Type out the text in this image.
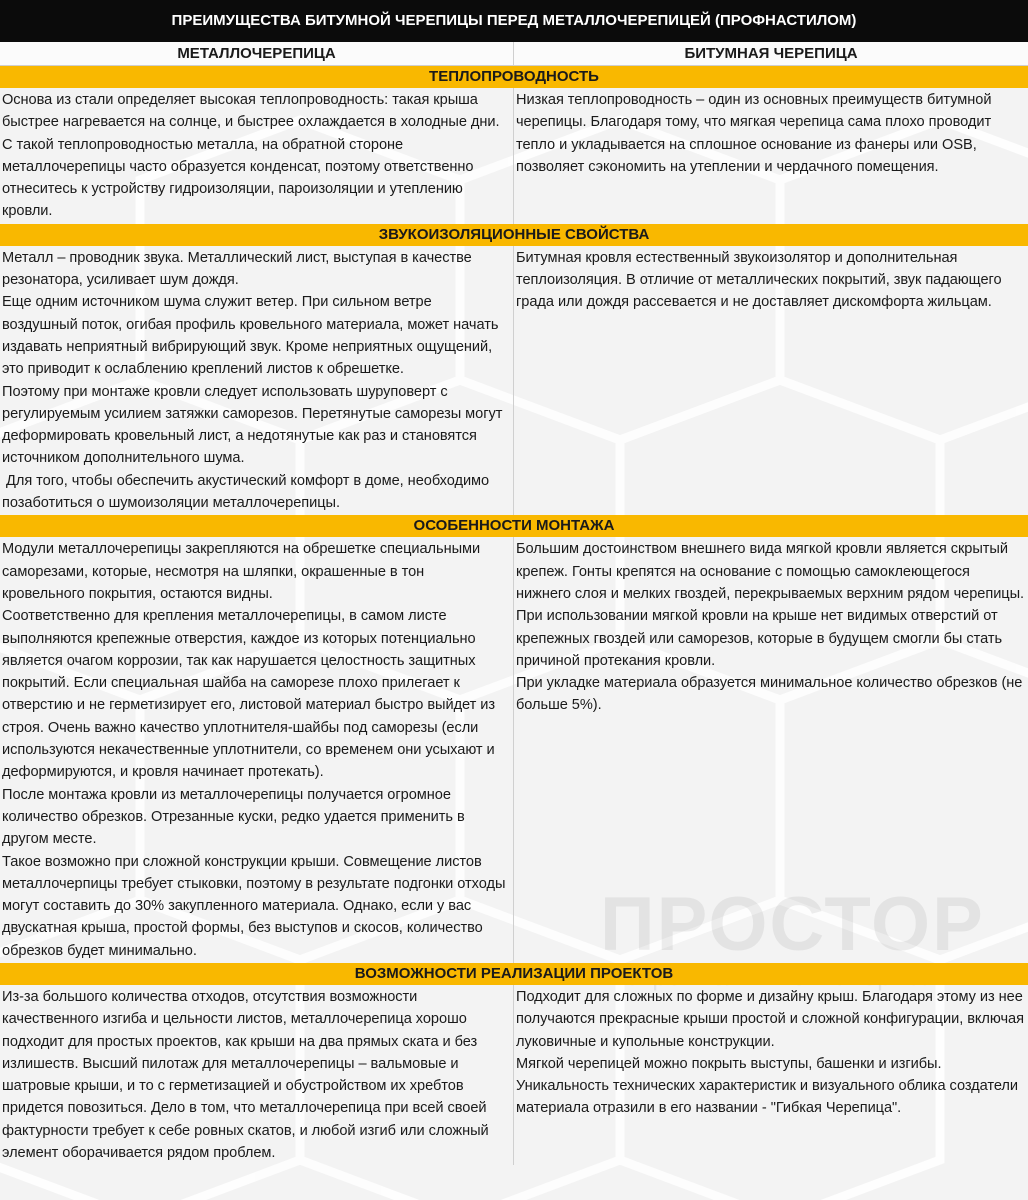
ПРОСТОР
ПРЕИМУЩЕСТВА БИТУМНОЙ ЧЕРЕПИЦЫ ПЕРЕД МЕТАЛЛОЧЕРЕПИЦЕЙ (ПРОФНАСТИЛОМ)
МЕТАЛЛОЧЕРЕПИЦА	БИТУМНАЯ ЧЕРЕПИЦА
ТЕПЛОПРОВОДНОСТЬ

Основа из стали определяет высокая теплопроводность: такая крыша быстрее нагревается на солнце, и быстрее охлаждается в холодные дни. С такой теплопроводностью металла, на обратной стороне металлочерепицы часто образуется конденсат, поэтому ответственно отнеситесь к устройству гидроизоляции, пароизоляции и утеплению кровли.

Низкая теплопроводность – один из основных преимуществ битумной черепицы. Благодаря тому, что мягкая черепица сама плохо проводит тепло и укладывается на сплошное основание из фанеры или OSB, позволяет сэкономить на утеплении и чердачного помещения.

ЗВУКОИЗОЛЯЦИОННЫЕ СВОЙСТВА

Металл – проводник звука. Металлический лист, выступая в качестве резонатора, усиливает шум дождя.

Еще одним источником шума служит ветер. При сильном ветре воздушный поток, огибая профиль кровельного материала, может начать издавать неприятный вибрирующий звук. Кроме неприятных ощущений, это приводит к ослаблению креплений листов к обрешетке.

Поэтому при монтаже кровли следует использовать шуруповерт с регулируемым усилием затяжки саморезов. Перетянутые саморезы могут деформировать кровельный лист, а недотянутые как раз и становятся источником дополнительного шума.

Для того, чтобы обеспечить акустический комфорт в доме, необходимо позаботиться о шумоизоляции металлочерепицы.

Битумная кровля естественный звукоизолятор и дополнительная теплоизоляция. В отличие от металлических покрытий, звук падающего града или дождя рассевается и не доставляет дискомфорта жильцам.

ОСОБЕННОСТИ МОНТАЖА

Модули металлочерепицы закрепляются на обрешетке специальными саморезами, которые, несмотря на шляпки, окрашенные в тон кровельного покрытия, остаются видны.

Соответственно для крепления металлочерепицы, в самом листе выполняются крепежные отверстия, каждое из которых потенциально является очагом коррозии, так как нарушается целостность защитных покрытий. Если специальная шайба на саморезе плохо прилегает к отверстию и не герметизирует его, листовой материал быстро выйдет из строя. Очень важно качество уплотнителя-шайбы под саморезы (если используются некачественные уплотнители, со временем они усыхают и деформируются, и кровля начинает протекать).

После монтажа кровли из металлочерепицы получается огромное количество обрезков. Отрезанные куски, редко удается применить в другом месте.

Такое возможно при сложной конструкции крыши. Совмещение листов металлочерпицы требует стыковки, поэтому в результате подгонки отходы могут составить до 30% закупленного материала. Однако, если у вас двускатная крыша, простой формы, без выступов и скосов, количество обрезков будет минимально.

Большим достоинством внешнего вида мягкой кровли является скрытый крепеж. Гонты крепятся на основание с помощью самоклеющегося нижнего слоя и мелких гвоздей, перекрываемых верхним рядом черепицы.

При использовании мягкой кровли на крыше нет видимых отверстий от крепежных гвоздей или саморезов, которые в будущем смогли бы стать причиной протекания кровли.

При укладке материала образуется минимальное количество обрезков (не больше 5%).

ВОЗМОЖНОСТИ РЕАЛИЗАЦИИ ПРОЕКТОВ

Из-за большого количества отходов, отсутствия возможности качественного изгиба и цельности листов, металлочерепица хорошо подходит для простых проектов, как крыши на два прямых ската и без излишеств. Высший пилотаж для металлочерепицы – вальмовые и шатровые крыши, и то с герметизацией и обустройством их хребтов придется повозиться. Дело в том, что металлочерепица при всей своей фактурности требует к себе ровных скатов, и любой изгиб или сложный элемент оборачивается рядом проблем.

Подходит для сложных по форме и дизайну крыш. Благодаря этому из нее получаются прекрасные крыши простой и сложной конфигурации, включая луковичные и купольные конструкции.

Мягкой черепицей можно покрыть выступы, башенки и изгибы.

Уникальность технических характеристик и визуального облика создатели материала отразили в его названии - "Гибкая Черепица".
